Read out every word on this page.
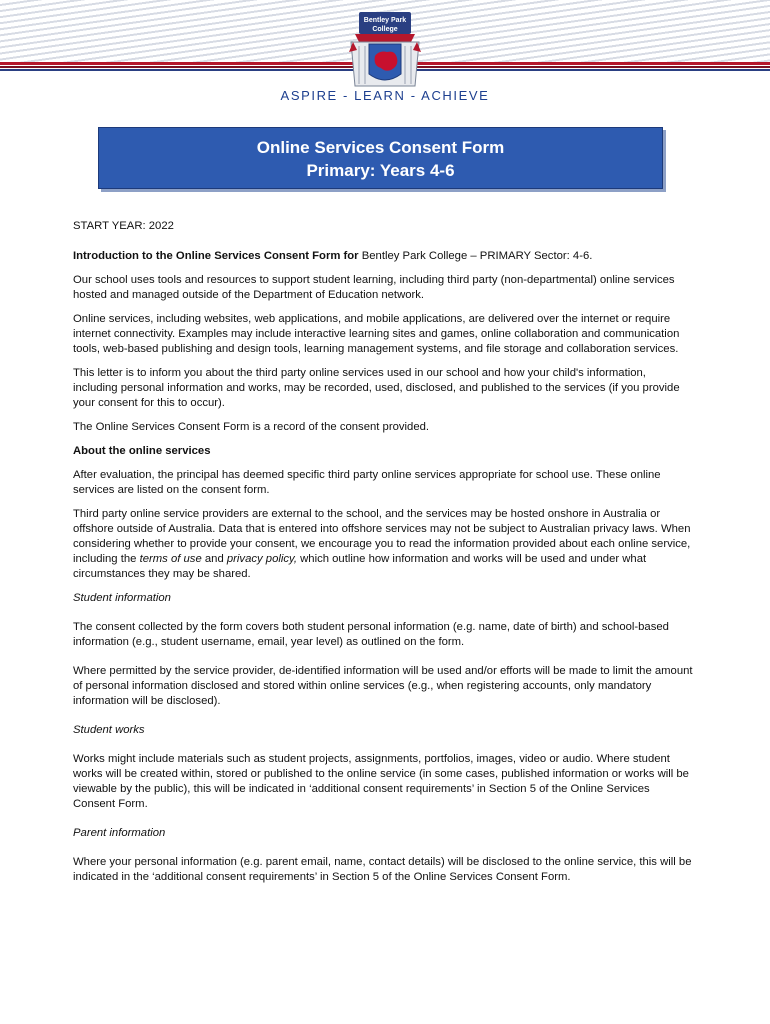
Bentley Park College
ASPIRE - LEARN - ACHIEVE
Online Services Consent Form
Primary: Years 4-6

START YEAR: 2022

Introduction to the Online Services Consent Form for Bentley Park College – PRIMARY Sector: 4-6.

Our school uses tools and resources to support student learning, including third party (non-departmental) online services hosted and managed outside of the Department of Education network.

Online services, including websites, web applications, and mobile applications, are delivered over the internet or require internet connectivity. Examples may include interactive learning sites and games, online collaboration and communication tools, web-based publishing and design tools, learning management systems, and file storage and collaboration services.

This letter is to inform you about the third party online services used in our school and how your child's information, including personal information and works, may be recorded, used, disclosed, and published to the services (if you provide your consent for this to occur).

The Online Services Consent Form is a record of the consent provided.

About the online services

After evaluation, the principal has deemed specific third party online services appropriate for school use. These online services are listed on the consent form.

Third party online service providers are external to the school, and the services may be hosted onshore in Australia or offshore outside of Australia. Data that is entered into offshore services may not be subject to Australian privacy laws. When considering whether to provide your consent, we encourage you to read the information provided about each online service, including the terms of use and privacy policy, which outline how information and works will be used and under what circumstances they may be shared.

Student information

The consent collected by the form covers both student personal information (e.g. name, date of birth) and school-based information (e.g., student username, email, year level) as outlined on the form.

Where permitted by the service provider, de-identified information will be used and/or efforts will be made to limit the amount of personal information disclosed and stored within online services (e.g., when registering accounts, only mandatory information will be disclosed).

Student works

Works might include materials such as student projects, assignments, portfolios, images, video or audio. Where student works will be created within, stored or published to the online service (in some cases, published information or works will be viewable by the public), this will be indicated in ‘additional consent requirements’ in Section 5 of the Online Services Consent Form.

Parent information

Where your personal information (e.g. parent email, name, contact details) will be disclosed to the online service, this will be indicated in the ‘additional consent requirements’ in Section 5 of the Online Services Consent Form.
